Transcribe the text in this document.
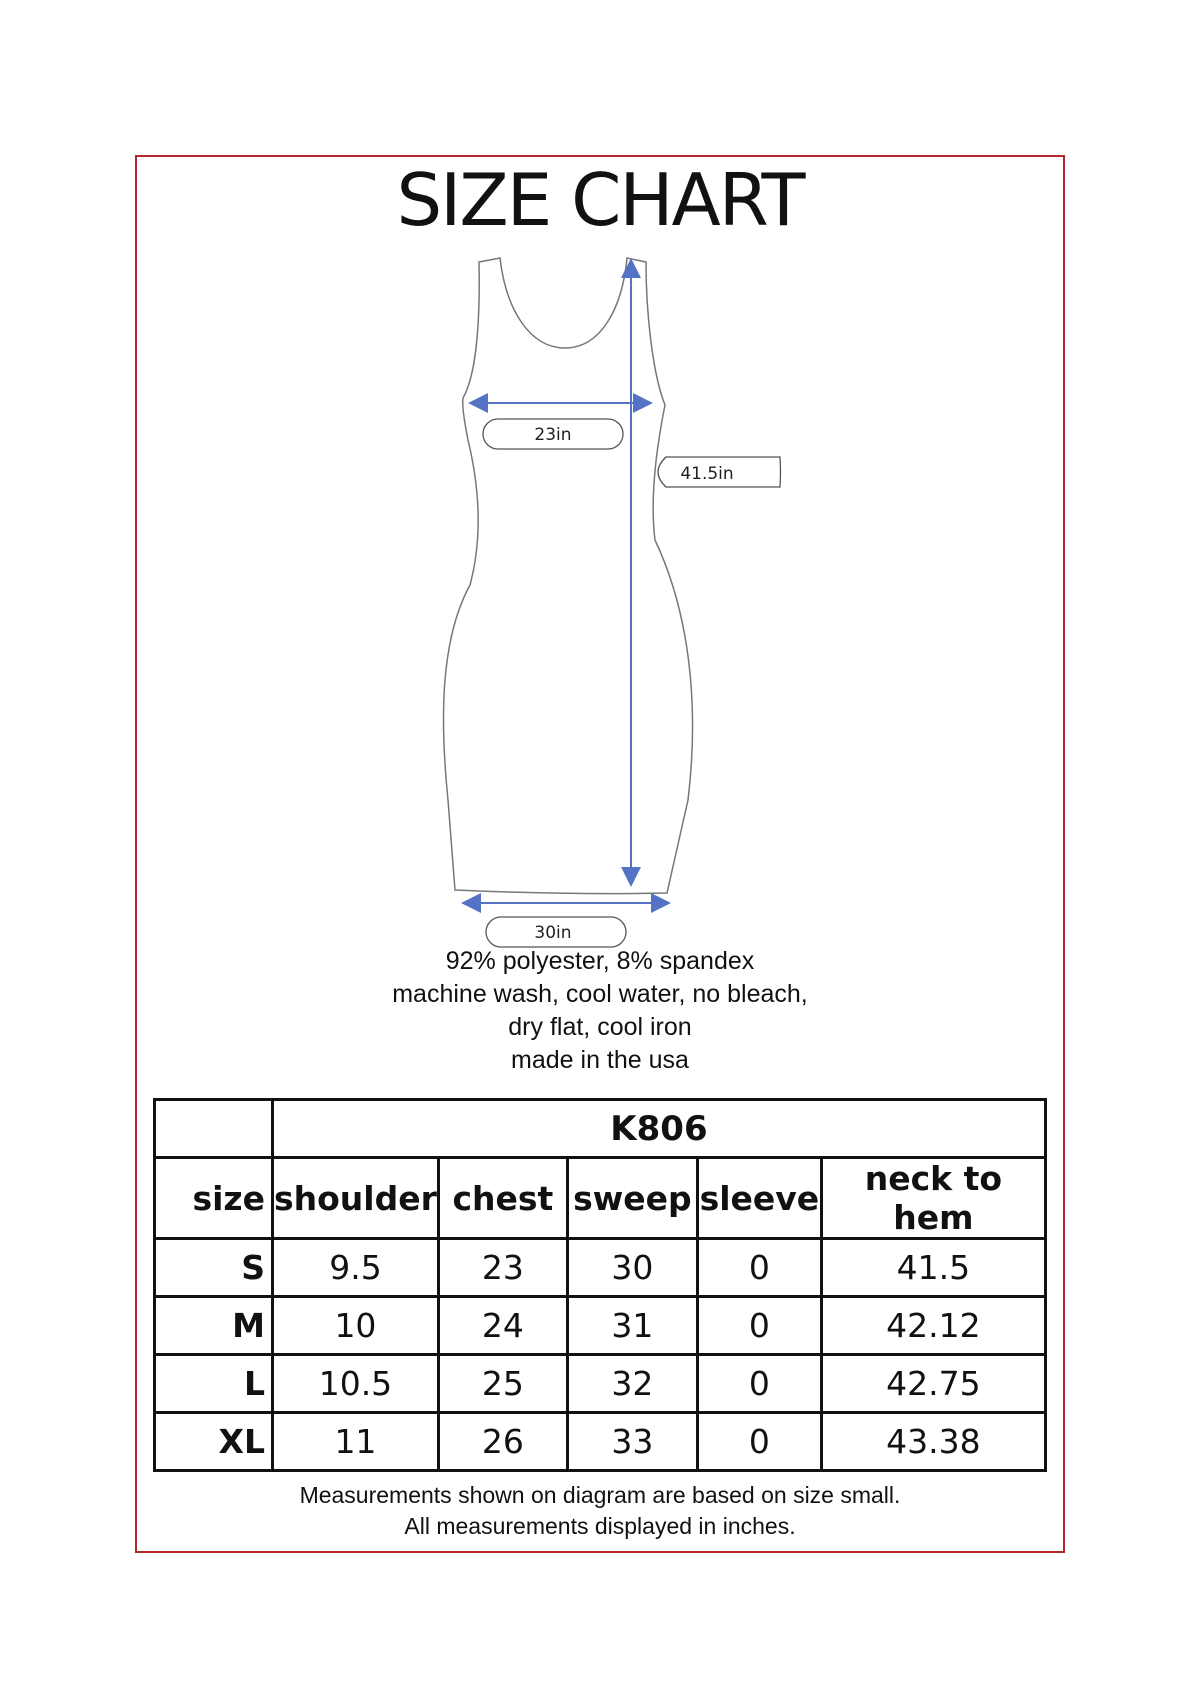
SIZE CHART
23in
41.5in
30in
92% polyester, 8% spandex
machine wash, cool water, no bleach,
dry flat, cool iron
made in the usa
	K806				
size	shoulder	chest	sweep	sleeve	neck to hem
S	9.5	23	30	0	41.5
M	10	24	31	0	42.12
L	10.5	25	32	0	42.75
XL	11	26	33	0	43.38
Measurements shown on diagram are based on size small.
All measurements displayed in inches.
